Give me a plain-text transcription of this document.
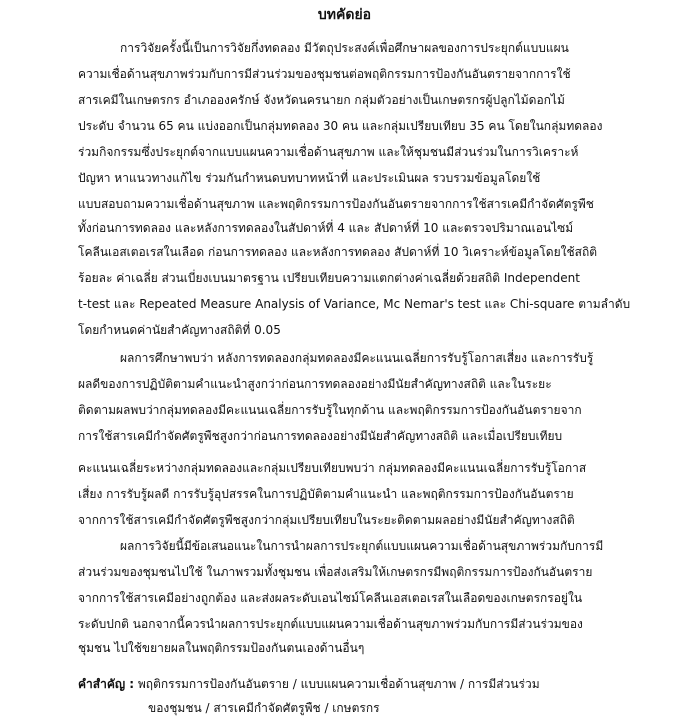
บทคัดย่อ
การวิจัยครั้งนี้เป็นการวิจัยกึ่งทดลอง มีวัตถุประสงค์เพื่อศึกษาผลของการประยุกต์แบบแผน
ความเชื่อด้านสุขภาพร่วมกับการมีส่วนร่วมของชุมชนต่อพฤติกรรมการป้องกันอันตรายจากการใช้
สารเคมีในเกษตรกร อำเภอองครักษ์ จังหวัดนครนายก กลุ่มตัวอย่างเป็นเกษตรกรผู้ปลูกไม้ดอกไม้
ประดับ จำนวน 65 คน แบ่งออกเป็นกลุ่มทดลอง 30 คน และกลุ่มเปรียบเทียบ 35 คน โดยในกลุ่มทดลอง
ร่วมกิจกรรมซึ่งประยุกต์จากแบบแผนความเชื่อด้านสุขภาพ และให้ชุมชนมีส่วนร่วมในการวิเคราะห์
ปัญหา หาแนวทางแก้ไข ร่วมกันกำหนดบทบาทหน้าที่ และประเมินผล รวบรวมข้อมูลโดยใช้
แบบสอบถามความเชื่อด้านสุขภาพ และพฤติกรรมการป้องกันอันตรายจากการใช้สารเคมีกำจัดศัตรูพืช
ทั้งก่อนการทดลอง และหลังการทดลองในสัปดาห์ที่ 4 และ สัปดาห์ที่ 10 และตรวจปริมาณเอนไซม์
โคลีนเอสเตอเรสในเลือด ก่อนการทดลอง และหลังการทดลอง สัปดาห์ที่ 10 วิเคราะห์ข้อมูลโดยใช้สถิติ
ร้อยละ ค่าเฉลี่ย ส่วนเบี่ยงเบนมาตรฐาน เปรียบเทียบความแตกต่างค่าเฉลี่ยด้วยสถิติ Independent
t-test และ Repeated Measure Analysis of Variance, Mc Nemar's test และ Chi-square ตามลำดับ
โดยกำหนดค่านัยสำคัญทางสถิติที่ 0.05
ผลการศึกษาพบว่า หลังการทดลองกลุ่มทดลองมีคะแนนเฉลี่ยการรับรู้โอกาสเสี่ยง และการรับรู้
ผลดีของการปฏิบัติตามคำแนะนำสูงกว่าก่อนการทดลองอย่างมีนัยสำคัญทางสถิติ และในระยะ
ติดตามผลพบว่ากลุ่มทดลองมีคะแนนเฉลี่ยการรับรู้ในทุกด้าน และพฤติกรรมการป้องกันอันตรายจาก
การใช้สารเคมีกำจัดศัตรูพืชสูงกว่าก่อนการทดลองอย่างมีนัยสำคัญทางสถิติ และเมื่อเปรียบเทียบ
คะแนนเฉลี่ยระหว่างกลุ่มทดลองและกลุ่มเปรียบเทียบพบว่า กลุ่มทดลองมีคะแนนเฉลี่ยการรับรู้โอกาส
เสี่ยง การรับรู้ผลดี การรับรู้อุปสรรคในการปฏิบัติตามคำแนะนำ และพฤติกรรมการป้องกันอันตราย
จากการใช้สารเคมีกำจัดศัตรูพืชสูงกว่ากลุ่มเปรียบเทียบในระยะติดตามผลอย่างมีนัยสำคัญทางสถิติ
ผลการวิจัยนี้มีข้อเสนอแนะในการนำผลการประยุกต์แบบแผนความเชื่อด้านสุขภาพร่วมกับการมี
ส่วนร่วมของชุมชนไปใช้ ในภาพรวมทั้งชุมชน เพื่อส่งเสริมให้เกษตรกรมีพฤติกรรมการป้องกันอันตราย
จากการใช้สารเคมีอย่างถูกต้อง และส่งผลระดับเอนไซม์โคลีนเอสเตอเรสในเลือดของเกษตรกรอยู่ใน
ระดับปกติ นอกจากนี้ควรนำผลการประยุกต์แบบแผนความเชื่อด้านสุขภาพร่วมกับการมีส่วนร่วมของ
ชุมชน ไปใช้ขยายผลในพฤติกรรมป้องกันตนเองด้านอื่นๆ
คำสำคัญ : พฤติกรรมการป้องกันอันตราย / แบบแผนความเชื่อด้านสุขภาพ / การมีส่วนร่วม
ของชุมชน / สารเคมีกำจัดศัตรูพืช / เกษตรกร
